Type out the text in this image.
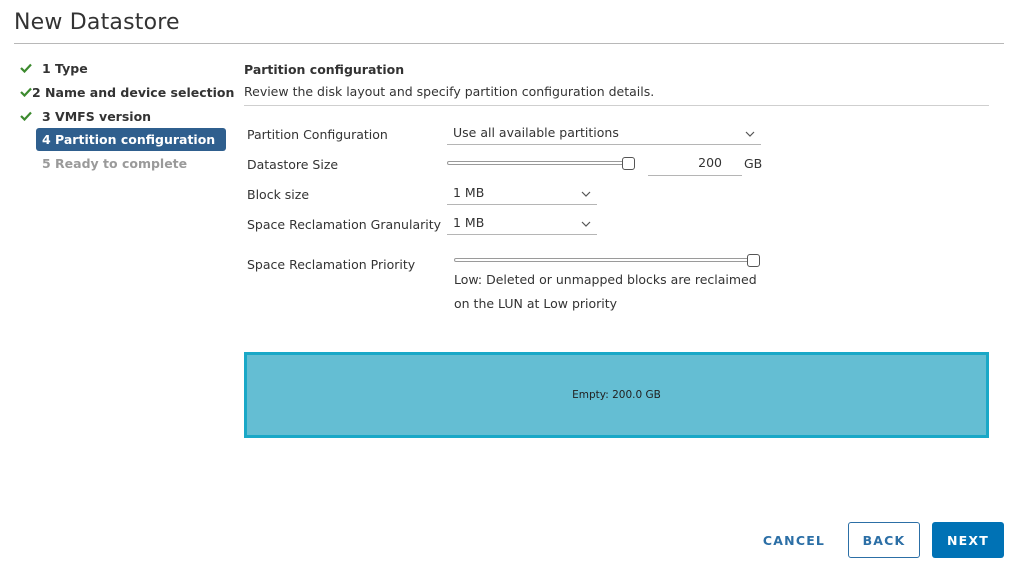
New Datastore
1 Type
2 Name and device selection
3 VMFS version
4 Partition configuration
5 Ready to complete
Partition configuration
Review the disk layout and specify partition configuration details.
Partition Configuration	Use all available partitions
Datastore Size	200	GB
Block size	1 MB
Space Reclamation Granularity 1 MB
Space Reclamation Priority
Low: Deleted or unmapped blocks are reclaimed
on the LUN at Low priority
Empty: 200.0 GB
CANCEL	BACK	NEXT
